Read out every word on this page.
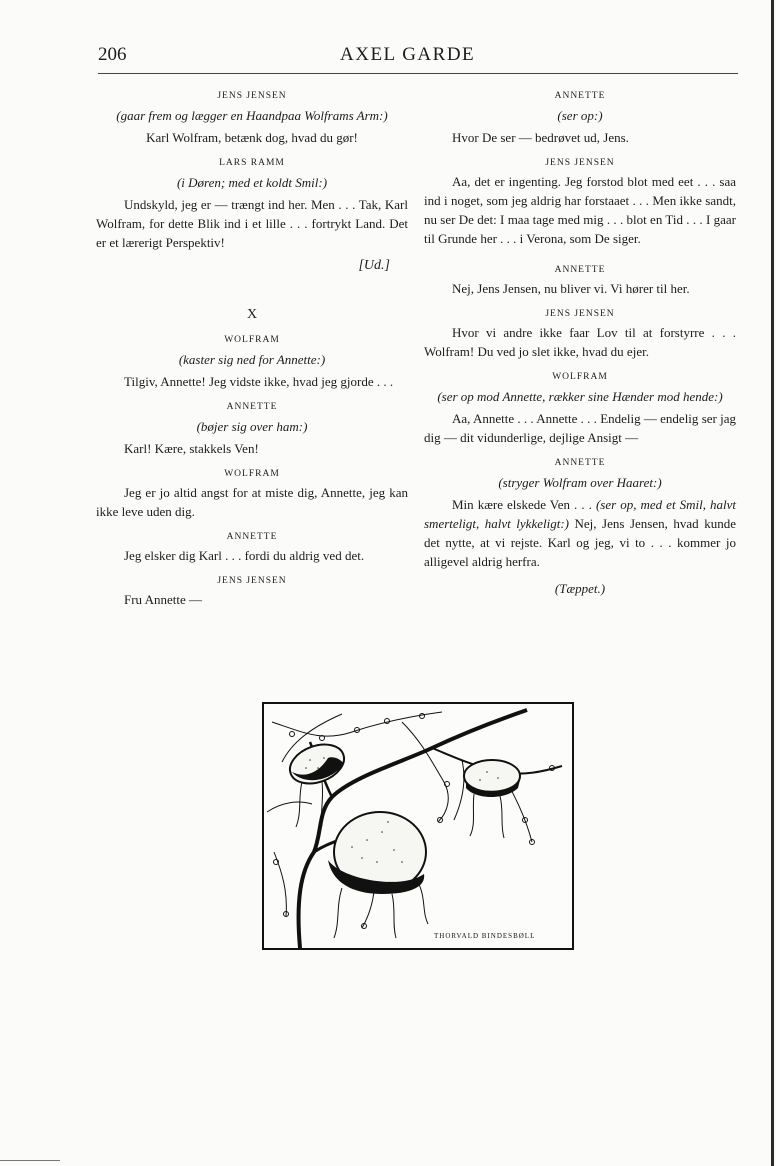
206	AXEL GARDE
JENS JENSEN
(gaar frem og lægger en Haandpaa Wolframs Arm:)

Karl Wolfram, betænk dog, hvad du gør!

LARS RAMM
(i Døren; med et koldt Smil:)

Undskyld, jeg er — trængt ind her. Men . . . Tak, Karl Wolfram, for dette Blik ind i et lille . . . fortrykt Land. Det er et lærerigt Perspektiv!

[Ud.]
X
WOLFRAM
(kaster sig ned for Annette:)

Tilgiv, Annette! Jeg vidste ikke, hvad jeg gjorde . . .

ANNETTE
(bøjer sig over ham:)

Karl! Kære, stakkels Ven!

WOLFRAM

Jeg er jo altid angst for at miste dig, Annette, jeg kan ikke leve uden dig.

ANNETTE

Jeg elsker dig Karl . . . fordi du aldrig ved det.

JENS JENSEN

Fru Annette —

ANNETTE
(ser op:)

Hvor De ser — bedrøvet ud, Jens.

JENS JENSEN

Aa, det er ingenting. Jeg forstod blot med eet . . . saa ind i noget, som jeg aldrig har forstaaet . . . Men ikke sandt, nu ser De det: I maa tage med mig . . . blot en Tid . . . I gaar til Grunde her . . . i Verona, som De siger.

ANNETTE

Nej, Jens Jensen, nu bliver vi. Vi hører til her.

JENS JENSEN

Hvor vi andre ikke faar Lov til at forstyrre . . . Wolfram! Du ved jo slet ikke, hvad du ejer.

WOLFRAM
(ser op mod Annette, rækker sine Hænder mod hende:)

Aa, Annette . . . Annette . . . Endelig — endelig ser jag dig — dit vidunderlige, dejlige Ansigt —

ANNETTE
(stryger Wolfram over Haaret:)

Min kære elskede Ven . . . (ser op, med et Smil, halvt smerteligt, halvt lykkeligt:) Nej, Jens Jensen, hvad kunde det nytte, at vi rejste. Karl og jeg, vi to . . . kommer jo alligevel aldrig herfra.

(Tæppet.)
THORVALD BINDESBØLL
